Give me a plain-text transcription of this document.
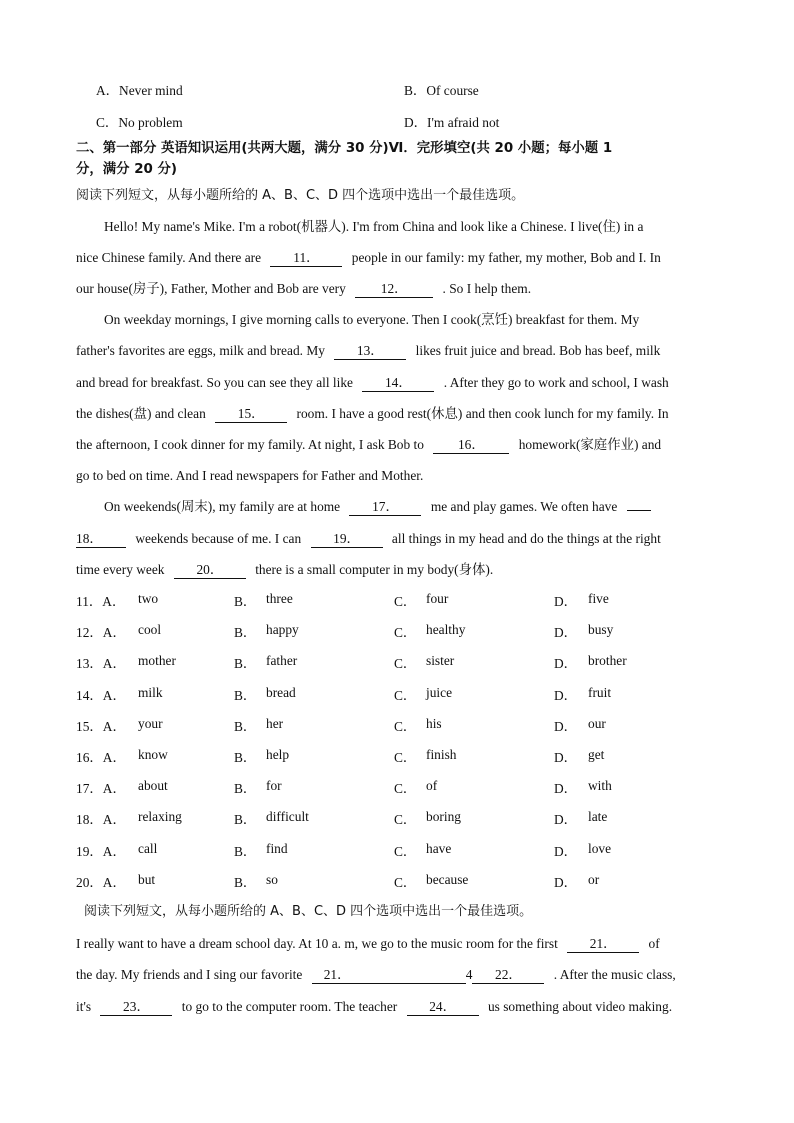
A．Never mind	B．Of course
C．No problem	D．I'm afraid not
二、第一部分 英语知识运用(共两大题，满分 30 分)Ⅵ．完形填空(共 20 小题；每小题 1
分，满分 20 分)
阅读下列短文，从每小题所给的 A、B、C、D 四个选项中选出一个最佳选项。
Hello! My name's Mike. I'm a robot(机器人). I'm from China and look like a Chinese. I live(住) in a
nice Chinese family. And there are 11． people in our family: my father, my mother, Bob and I. In
our house(房子), Father, Mother and Bob are very	12．	. So I help them.
On weekday mornings, I give morning calls to everyone. Then I cook(烹饪) breakfast for them. My
father's favorites are eggs, milk and bread. My 13． likes fruit juice and bread. Bob has beef, milk
and bread for breakfast. So you can see they all like 14． . After they go to work and school, I wash
the dishes(盘) and clean 15． room. I have a good rest(休息) and then cook lunch for my family. In
the afternoon, I cook dinner for my family. At night, I ask Bob to	16．	homework(家庭作业) and
go to bed on time. And I read newspapers for Father and Mother.
On weekends(周末), my family are at home 17． me and play games. We often have
18． weekends because of me. I can 19． all things in my head and do the things at the right
time every week 20． there is a small computer in my body(身体).
11．A． two	B． three	C． four	D． five
12．A． cool	B． happy	C． healthy	D． busy
13．A． mother	B． father	C． sister	D． brother
14．A． milk	B． bread	C． juice	D． fruit
15．A． your	B． her	C． his	D． our
16．A． know	B． help	C． finish	D． get
17．A． about	B． for	C． of	D． with
18．A． relaxing	B． difficult	C． boring	D． late
19．A． call	B． find	C． have	D． love
20．A． but	B． so	C． because	D． or
阅读下列短文，从每小题所给的 A、B、C、D 四个选项中选出一个最佳选项。
I really want to have a dream school day. At 10 a. m, we go to the music room for the first 21． of
the day. My friends and I sing our favorite 21．	4 22． . After the music class,
it's 23． to go to the computer room. The teacher 24． us something about video making.
